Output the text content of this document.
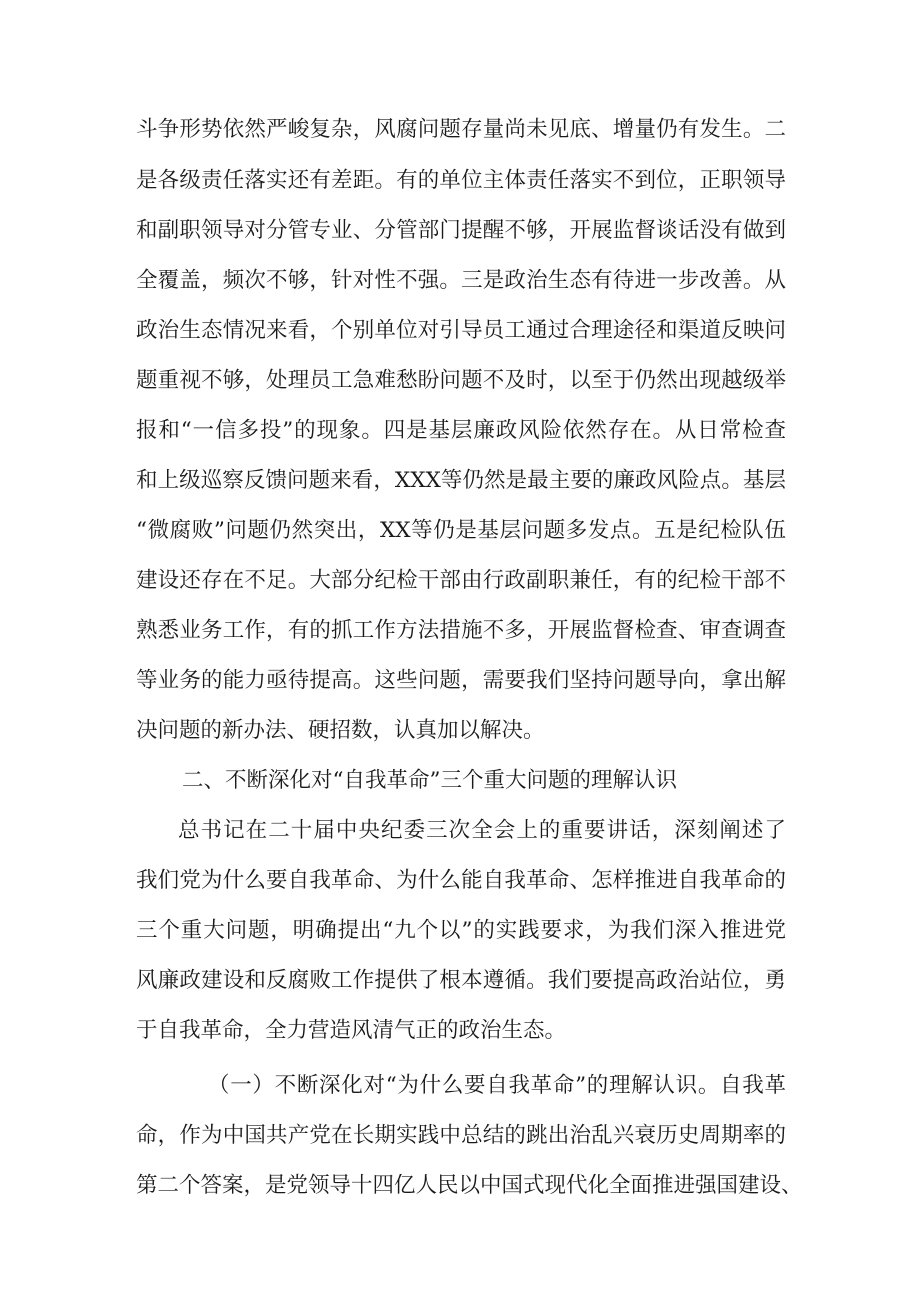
斗争形势依然严峻复杂，风腐问题存量尚未见底、增量仍有发生。二
是各级责任落实还有差距。有的单位主体责任落实不到位，正职领导
和副职领导对分管专业、分管部门提醒不够，开展监督谈话没有做到
全覆盖，频次不够，针对性不强。三是政治生态有待进一步改善。从
政治生态情况来看，个别单位对引导员工通过合理途径和渠道反映问
题重视不够，处理员工急难愁盼问题不及时，以至于仍然出现越级举
报和“一信多投”的现象。四是基层廉政风险依然存在。从日常检查
和上级巡察反馈问题来看，XXX等仍然是最主要的廉政风险点。基层
“微腐败”问题仍然突出，XX等仍是基层问题多发点。五是纪检队伍
建设还存在不足。大部分纪检干部由行政副职兼任，有的纪检干部不
熟悉业务工作，有的抓工作方法措施不多，开展监督检查、审查调查
等业务的能力亟待提高。这些问题，需要我们坚持问题导向，拿出解
决问题的新办法、硬招数，认真加以解决。
二、不断深化对“自我革命”三个重大问题的理解认识
总书记在二十届中央纪委三次全会上的重要讲话，深刻阐述了
我们党为什么要自我革命、为什么能自我革命、怎样推进自我革命的
三个重大问题，明确提出“九个以”的实践要求，为我们深入推进党
风廉政建设和反腐败工作提供了根本遵循。我们要提高政治站位，勇
于自我革命，全力营造风清气正的政治生态。
（一）不断深化对“为什么要自我革命”的理解认识。自我革
命，作为中国共产党在长期实践中总结的跳出治乱兴衰历史周期率的
第二个答案，是党领导十四亿人民以中国式现代化全面推进强国建设、
